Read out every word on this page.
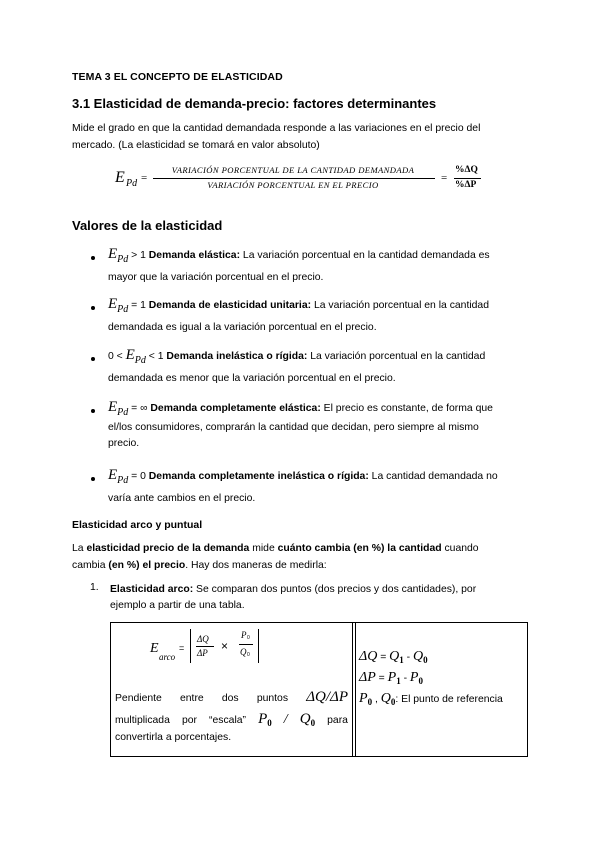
TEMA 3 EL CONCEPTO DE ELASTICIDAD
3.1 Elasticidad de demanda-precio: factores determinantes
Mide el grado en que la cantidad demandada responde a las variaciones en el precio del
mercado. (La elasticidad se tomará en valor absoluto)
E Pd =
VARIACIÓN PORCENTUAL DE LA CANTIDAD DEMANDADA
VARIACIÓN PORCENTUAL EN EL PRECIO
=
%ΔQ
%ΔP
Valores de la elasticidad
EPd > 1 Demanda elástica: La variación porcentual en la cantidad demandada es
mayor que la variación porcentual en el precio.
EPd = 1 Demanda de elasticidad unitaria: La variación porcentual en la cantidad
demandada es igual a la variación porcentual en el precio.
0 < EPd < 1 Demanda inelástica o rígida: La variación porcentual en la cantidad
demandada es menor que la variación porcentual en el precio.
EPd = ∞ Demanda completamente elástica: El precio es constante, de forma que
el/los consumidores, comprarán la cantidad que decidan, pero siempre al mismo
precio.
EPd = 0 Demanda completamente inelástica o rígida: La cantidad demandada no
varía ante cambios en el precio.
Elasticidad arco y puntual
La elasticidad precio de la demanda mide cuánto cambia (en %) la cantidad cuando
cambia (en %) el precio. Hay dos maneras de medirla:
1. Elasticidad arco: Se comparan dos puntos (dos precios y dos cantidades), por
ejemplo a partir de una tabla.
E
arco
=
ΔQ
ΔP ×
P 0
Q 0
Pendiente entre dos puntos ΔQ/ΔP
multiplicada por “escala” P0 / Q0 para
convertirla a porcentajes.
ΔQ = Q1 - Q0
ΔP = P1 - P0
P0 , Q0: El punto de referencia
